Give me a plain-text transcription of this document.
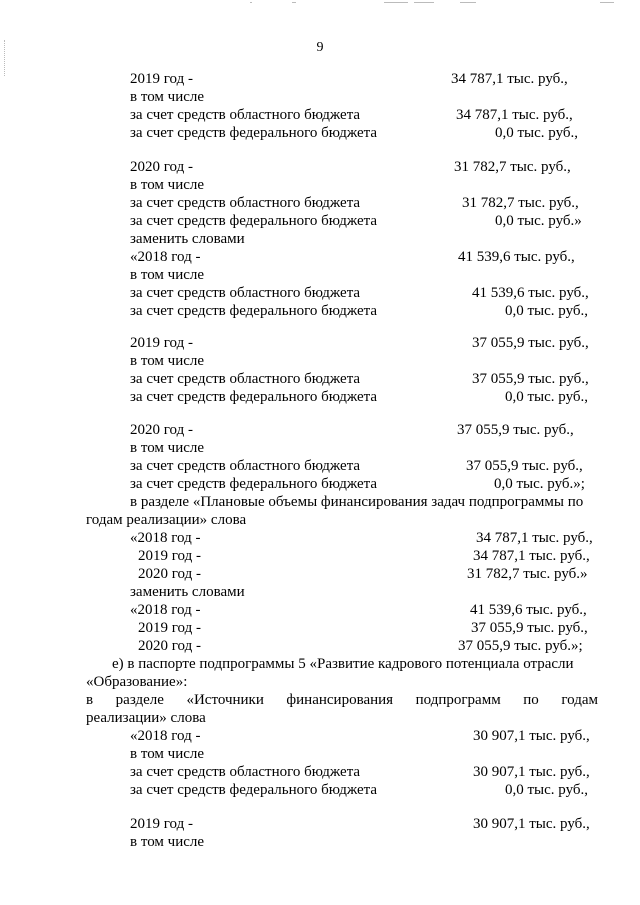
9
2019 год -	34 787,1 тыс. руб.,
в том числе
за счет средств областного бюджета	34 787,1 тыс. руб.,
за счет средств федерального бюджета	0,0 тыс. руб.,
2020 год -	31 782,7 тыс. руб.,
в том числе
за счет средств областного бюджета	31 782,7 тыс. руб.,
за счет средств федерального бюджета	0,0 тыс. руб.»
заменить словами
«2018 год -	41 539,6 тыс. руб.,
в том числе
за счет средств областного бюджета	41 539,6 тыс. руб.,
за счет средств федерального бюджета	0,0 тыс. руб.,
2019 год -	37 055,9 тыс. руб.,
в том числе
за счет средств областного бюджета	37 055,9 тыс. руб.,
за счет средств федерального бюджета	0,0 тыс. руб.,
2020 год -	37 055,9 тыс. руб.,
в том числе
за счет средств областного бюджета	37 055,9 тыс. руб.,
за счет средств федерального бюджета	0,0 тыс. руб.»;
в разделе «Плановые объемы финансирования задач подпрограммы по
годам реализации» слова
«2018 год -	34 787,1 тыс. руб.,
2019 год -	34 787,1 тыс. руб.,
2020 год -	31 782,7 тыс. руб.»
заменить словами
«2018 год -	41 539,6 тыс. руб.,
2019 год -	37 055,9 тыс. руб.,
2020 год -	37 055,9 тыс. руб.»;
е) в паспорте подпрограммы 5 «Развитие кадрового потенциала отрасли
«Образование»:
в разделе «Источники финансирования подпрограмм по годам
реализации» слова
«2018 год -	30 907,1 тыс. руб.,
в том числе
за счет средств областного бюджета	30 907,1 тыс. руб.,
за счет средств федерального бюджета	0,0 тыс. руб.,
2019 год -	30 907,1 тыс. руб.,
в том числе
